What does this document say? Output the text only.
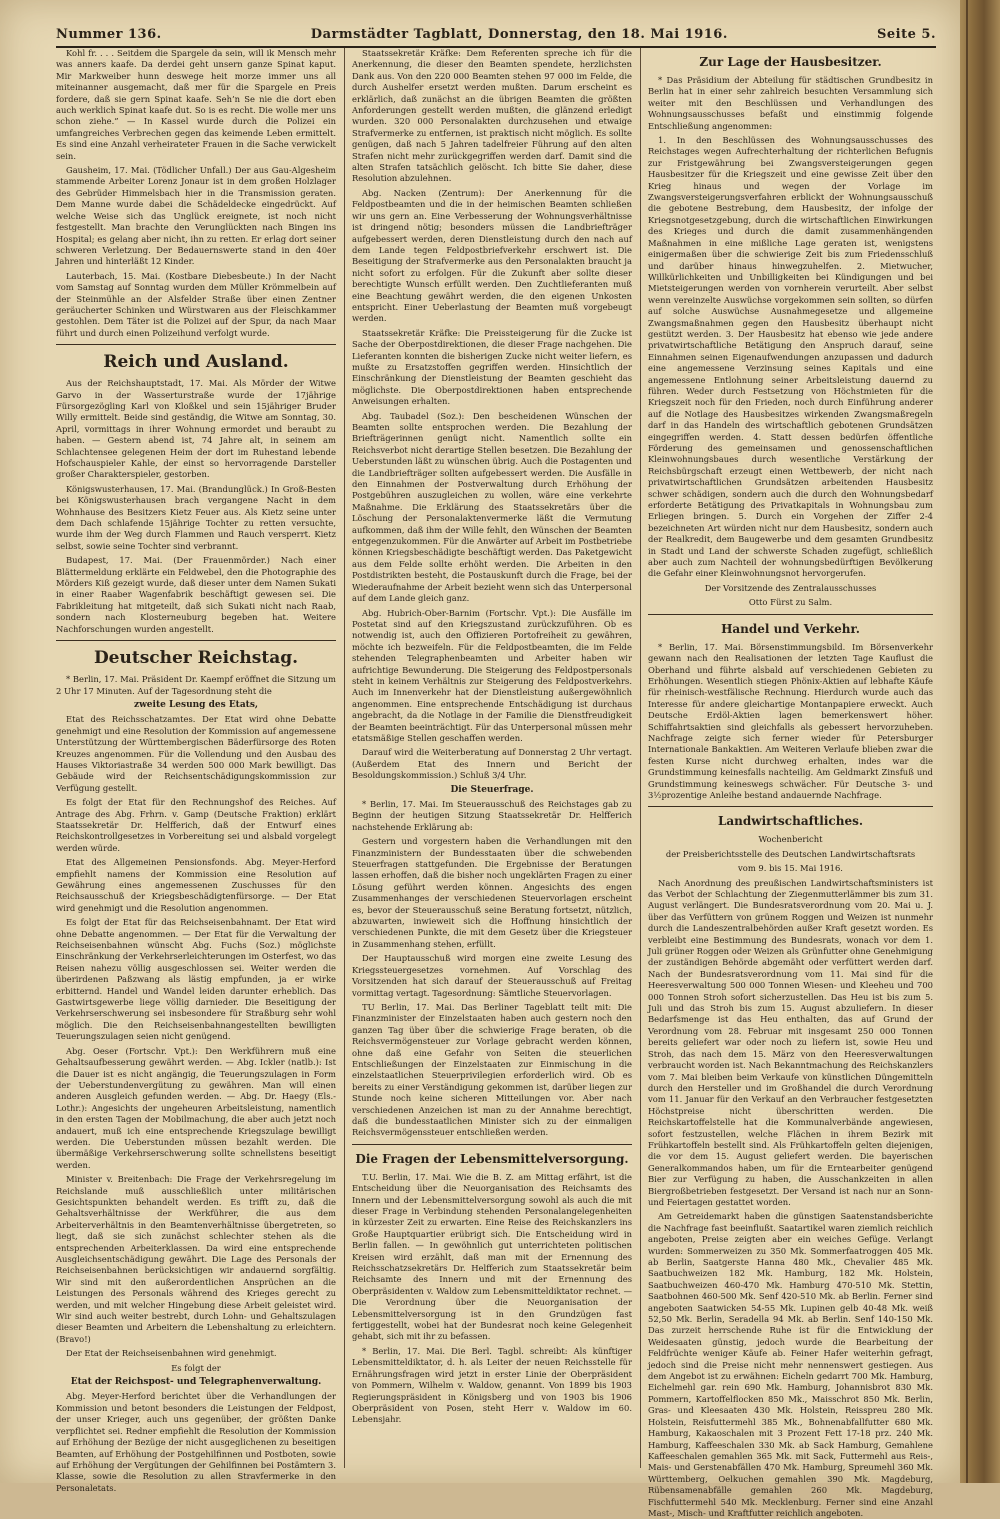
Nummer 136.	Darmstädter Tagblatt, Donnerstag, den 18. Mai 1916.	Seite 5.

Kohl fr. . . . Seitdem die Spargele da sein, will ik Mensch mehr was anners kaafe. Da derdei geht unsern ganze Spinat kaput. Mir Markweiber hunn deswege heit morze immer uns all miteinanner ausgemacht, daß mer für die Spargele en Preis fordere, daß sie gern Spinat kaafe. Seh’n Se nie die dort eben auch werklich Spinat kaafe dut. So is es recht. Die wolle mer uns schon ziehe.” — In Kassel wurde durch die Polizei ein umfangreiches Verbrechen gegen das keimende Leben ermittelt. Es sind eine Anzahl verheirateter Frauen in die Sache verwickelt sein.

Gausheim, 17. Mai. (Tödlicher Unfall.) Der aus Gau-Algesheim stammende Arbeiter Lorenz Jonaur ist in dem großen Holzlager des Gebrüder Himmelsbach hier in die Transmission geraten. Dem Manne wurde dabei die Schädeldecke eingedrückt. Auf welche Weise sich das Unglück ereignete, ist noch nicht festgestellt. Man brachte den Verunglückten nach Bingen ins Hospital; es gelang aber nicht, ihn zu retten. Er erlag dort seiner schweren Verletzung. Der Bedauernswerte stand in den 40er Jahren und hinterläßt 12 Kinder.

Lauterbach, 15. Mai. (Kostbare Diebesbeute.) In der Nacht vom Samstag auf Sonntag wurden dem Müller Krömmelbein auf der Steinmühle an der Alsfelder Straße über einen Zentner geräucherter Schinken und Würstwaren aus der Fleischkammer gestohlen. Dem Täter ist die Polizei auf der Spur, da nach Maar führt und durch einen Polizeihund verfolgt wurde.

Reich und Ausland.

Aus der Reichshauptstadt, 17. Mai. Als Mörder der Witwe Garvo in der Wasserturstraße wurde der 17jährige Fürsorgezögling Karl von Kloßkel und sein 15jähriger Bruder Willy ermittelt. Beide sind geständig, die Witwe am Sonntag, 30. April, vormittags in ihrer Wohnung ermordet und beraubt zu haben. — Gestern abend ist, 74 Jahre alt, in seinem am Schlachtensee gelegenen Heim der dort im Ruhestand lebende Hofschauspieler Kahle, der einst so hervorragende Darsteller großer Charakterspieler, gestorben.

Königswusterhausen, 17. Mai. (Brandunglück.) In Groß-Besten bei Königswusterhausen brach vergangene Nacht in dem Wohnhause des Besitzers Kietz Feuer aus. Als Kietz seine unter dem Dach schlafende 15jährige Tochter zu retten versuchte, wurde ihm der Weg durch Flammen und Rauch versperrt. Kietz selbst, sowie seine Tochter sind verbrannt.

Budapest, 17. Mai. (Der Frauenmörder.) Nach einer Blättermeldung erklärte ein Feldwebel, den die Photographie des Mörders Kiß gezeigt wurde, daß dieser unter dem Namen Sukati in einer Raaber Wagenfabrik beschäftigt gewesen sei. Die Fabrikleitung hat mitgeteilt, daß sich Sukati nicht nach Raab, sondern nach Klosterneuburg begeben hat. Weitere Nachforschungen wurden angestellt.

Deutscher Reichstag.

* Berlin, 17. Mai. Präsident Dr. Kaempf eröffnet die Sitzung um 2 Uhr 17 Minuten. Auf der Tagesordnung steht die

zweite Lesung des Etats,

Etat des Reichsschatzamtes. Der Etat wird ohne Debatte genehmigt und eine Resolution der Kommission auf angemessene Unterstützung der Württembergischen Bäderfürsorge des Roten Kreuzes angenommen. Für die Vollendung und den Ausbau des Hauses Viktoriastraße 34 werden 500 000 Mark bewilligt. Das Gebäude wird der Reichsentschädigungskommission zur Verfügung gestellt.

Es folgt der Etat für den Rechnungshof des Reiches. Auf Antrage des Abg. Frhrn. v. Gamp (Deutsche Fraktion) erklärt Staatssekretär Dr. Helfferich, daß der Entwurf eines Reichskontrollgesetzes in Vorbereitung sei und alsbald vorgelegt werden würde.

Etat des Allgemeinen Pensionsfonds. Abg. Meyer-Herford empfiehlt namens der Kommission eine Resolution auf Gewährung eines angemessenen Zuschusses für den Reichsausschuß der Kriegsbeschädigtenfürsorge. — Der Etat wird genehmigt und die Resolution angenommen.

Es folgt der Etat für das Reichseisenbahnamt. Der Etat wird ohne Debatte angenommen. — Der Etat für die Verwaltung der Reichseisenbahnen wünscht Abg. Fuchs (Soz.) möglichste Einschränkung der Verkehrserleichterungen im Osterfest, wo das Reisen nahezu völlig ausgeschlossen sei. Weiter werden die überirdenen Paßzwang als lästig empfunden, ja er wirke erbitternd. Handel und Wandel leiden darunter erheblich. Das Gastwirtsgewerbe liege völlig darnieder. Die Beseitigung der Verkehrserschwerung sei insbesondere für Straßburg sehr wohl möglich. Die den Reichseisenbahnangestellten bewilligten Teuerungszulagen seien nicht genügend.

Abg. Oeser (Fortschr. Vpt.): Den Werkführern muß eine Gehaltsaufbesserung gewährt werden. — Abg. Ickler (natlb.): Ist die Dauer ist es nicht angängig, die Teuerungszulagen in Form der Ueberstundenvergütung zu gewähren. Man will einen anderen Ausgleich gefunden werden. — Abg. Dr. Haegy (Els.-Lothr.): Angesichts der ungeheuren Arbeitsleistung, namentlich in den ersten Tagen der Mobilmachung, die aber auch jetzt noch andauert, muß ich eine entsprechende Kriegszulage bewilligt werden. Die Ueberstunden müssen bezahlt werden. Die übermäßige Verkehrserschwerung sollte schnellstens beseitigt werden.

Minister v. Breitenbach: Die Frage der Verkehrsregelung im Reichslande muß ausschließlich unter militärischen Gesichtspunkten behandelt werden. Es trifft zu, daß die Gehaltsverhältnisse der Werkführer, die aus dem Arbeiterverhältnis in den Beamtenverhältnisse übergetreten, so liegt, daß sie sich zunächst schlechter stehen als die entsprechenden Arbeiterklassen. Da wird eine entsprechende Ausgleichsentschädigung gewährt. Die Lage des Personals der Reichseisenbahnen berücksichtigen wir andauernd sorgfältig. Wir sind mit den außerordentlichen Ansprüchen an die Leistungen des Personals während des Krieges gerecht zu werden, und mit welcher Hingebung diese Arbeit geleistet wird. Wir sind auch weiter bestrebt, durch Lohn- und Gehaltszulagen dieser Beamten und Arbeitern die Lebenshaltung zu erleichtern. (Bravo!)

Der Etat der Reichseisenbahnen wird genehmigt.

Es folgt der
Etat der Reichspost- und Telegraphenverwaltung.

Abg. Meyer-Herford berichtet über die Verhandlungen der Kommission und betont besonders die Leistungen der Feldpost, der unser Krieger, auch uns gegenüber, der größten Danke verpflichtet sei. Redner empfiehlt die Resolution der Kommission auf Erhöhung der Bezüge der nicht ausgeglichenen zu beseitigen Beamten, auf Erhöhung der Postgehilfinnen und Postboten, sowie auf Erhöhung der Vergütungen der Gehilfinnen bei Postämtern 3. Klasse, sowie die Resolution zu allen Stravfermerke in den Personaletats.

Staatssekretär Kräfke: Dem Referenten spreche ich für die Anerkennung, die dieser den Beamten spendete, herzlichsten Dank aus. Von den 220 000 Beamten stehen 97 000 im Felde, die durch Aushelfer ersetzt werden mußten. Darum erscheint es erklärlich, daß zunächst an die übrigen Beamten die größten Anforderungen gestellt werden mußten, die glänzend erledigt wurden. 320 000 Personalakten durchzusehen und etwaige Strafvermerke zu entfernen, ist praktisch nicht möglich. Es sollte genügen, daß nach 5 Jahren tadelfreier Führung auf den alten Strafen nicht mehr zurückgegriffen werden darf. Damit sind die alten Strafen tatsächlich gelöscht. Ich bitte Sie daher, diese Resolution abzulehnen.

Abg. Nacken (Zentrum): Der Anerkennung für die Feldpostbeamten und die in der heimischen Beamten schließen wir uns gern an. Eine Verbesserung der Wohnungsverhältnisse ist dringend nötig; besonders müssen die Landbriefträger aufgebessert werden, deren Dienstleistung durch den nach auf dem Lande tegen Feldpostbriefverkehr erschwert ist. Die Beseitigung der Strafvermerke aus den Personalakten braucht ja nicht sofort zu erfolgen. Für die Zukunft aber sollte dieser berechtigte Wunsch erfüllt werden. Den Zuchtlieferanten muß eine Beachtung gewährt werden, die den eigenen Unkosten entspricht. Einer Ueberlastung der Beamten muß vorgebeugt werden.

Staatssekretär Kräfke: Die Preissteigerung für die Zucke ist Sache der Oberpostdirektionen, die dieser Frage nachgehen. Die Lieferanten konnten die bisherigen Zucke nicht weiter liefern, es mußte zu Ersatzstoffen gegriffen werden. Hinsichtlich der Einschränkung der Dienstleistung der Beamten geschieht das möglichste. Die Oberpostdirektionen haben entsprechende Anweisungen erhalten.

Abg. Taubadel (Soz.): Den bescheidenen Wünschen der Beamten sollte entsprochen werden. Die Bezahlung der Briefträgerinnen genügt nicht. Namentlich sollte ein Reichsverbot nicht derartige Stellen besetzen. Die Bezahlung der Ueberstunden läßt zu wünschen übrig. Auch die Postagenten und die Landbriefträger sollten aufgebessert werden. Die Ausfälle in den Einnahmen der Postverwaltung durch Erhöhung der Postgebühren auszugleichen zu wollen, wäre eine verkehrte Maßnahme. Die Erklärung des Staatssekretärs über die Löschung der Personalaktenvermerke läßt die Vermutung aufkommen, daß ihm der Wille fehlt, den Wünschen der Beamten entgegenzukommen. Für die Anwärter auf Arbeit im Postbetriebe können Kriegsbeschädigte beschäftigt werden. Das Paketgewicht aus dem Felde sollte erhöht werden. Die Arbeiten in den Postdistrikten besteht, die Postauskunft durch die Frage, bei der Wiederaufnahme der Arbeit bezieht wenn sich das Unterpersonal auf dem Lande gleich ganz.

Abg. Hubrich-Ober-Barnim (Fortschr. Vpt.): Die Ausfälle im Postetat sind auf den Kriegszustand zurückzuführen. Ob es notwendig ist, auch den Offizieren Portofreiheit zu gewähren, möchte ich bezweifeln. Für die Feldpostbeamten, die im Felde stehenden Telegraphenbeamten und Arbeiter haben wir aufrichtige Bewunderung. Die Steigerung des Feldpostpersonals steht in keinem Verhältnis zur Steigerung des Feldpostverkehrs. Auch im Innenverkehr hat der Dienstleistung außergewöhnlich angenommen. Eine entsprechende Entschädigung ist durchaus angebracht, da die Notlage in der Familie die Dienstfreudigkeit der Beamten beeinträchtigt. Für das Unterpersonal müssen mehr etatsmäßige Stellen geschaffen werden.

Darauf wird die Weiterberatung auf Donnerstag 2 Uhr vertagt. (Außerdem Etat des Innern und Bericht der Besoldungskommission.) Schluß 3/4 Uhr.

Die Steuerfrage.

* Berlin, 17. Mai. Im Steuerausschuß des Reichstages gab zu Beginn der heutigen Sitzung Staatssekretär Dr. Helfferich nachstehende Erklärung ab:

Gestern und vorgestern haben die Verhandlungen mit den Finanzministern der Bundesstaaten über die schwebenden Steuerfragen stattgefunden. Die Ergebnisse der Beratungen lassen erhoffen, daß die bisher noch ungeklärten Fragen zu einer Lösung geführt werden können. Angesichts des engen Zusammenhanges der verschiedenen Steuervorlagen erscheint es, bevor der Steuerausschuß seine Beratung fortsetzt, nützlich, abzuwarten, inwieweit sich die Hoffnung hinsichtlich der verschiedenen Punkte, die mit dem Gesetz über die Kriegsteuer in Zusammenhang stehen, erfüllt.

Der Hauptausschuß wird morgen eine zweite Lesung des Kriegssteuergesetzes vornehmen. Auf Vorschlag des Vorsitzenden hat sich darauf der Steuerausschuß auf Freitag vormittag vertagt. Tagesordnung: Sämtliche Steuervorlagen.

TU Berlin, 17. Mai. Das Berliner Tageblatt teilt mit: Die Finanzminister der Einzelstaaten haben auch gestern noch den ganzen Tag über über die schwierige Frage beraten, ob die Reichsvermögensteuer zur Vorlage gebracht werden können, ohne daß eine Gefahr von Seiten die steuerlichen Entschließungen der Einzelstaaten zur Einmischung in die einzelstaatlichen Steuerprivilegien erforderlich wird. Ob es bereits zu einer Verständigung gekommen ist, darüber liegen zur Stunde noch keine sicheren Mitteilungen vor. Aber nach verschiedenen Anzeichen ist man zu der Annahme berechtigt, daß die bundesstaatlichen Minister sich zu der einmaligen Reichsvermögenssteuer entschließen werden.

Die Fragen der Lebensmittelversorgung.

T.U. Berlin, 17. Mai. Wie die B. Z. am Mittag erfährt, ist die Entscheidung über die Neuorganisation des Reichsamts des Innern und der Lebensmittelversorgung sowohl als auch die mit dieser Frage in Verbindung stehenden Personalangelegenheiten in kürzester Zeit zu erwarten. Eine Reise des Reichskanzlers ins Große Hauptquartier erübrigt sich. Die Entscheidung wird in Berlin fallen. — In gewöhnlich gut unterrichteten politischen Kreisen wird erzählt, daß man mit der Ernennung des Reichsschatzsekretärs Dr. Helfferich zum Staatssekretär beim Reichsamte des Innern und mit der Ernennung des Oberpräsidenten v. Waldow zum Lebensmitteldiktator rechnet. — Die Verordnung über die Neuorganisation der Lebensmittelversorgung ist in den Grundzügen fast fertiggestellt, wobei hat der Bundesrat noch keine Gelegenheit gehabt, sich mit ihr zu befassen.

* Berlin, 17. Mai. Die Berl. Tagbl. schreibt: Als künftiger Lebensmitteldiktator, d. h. als Leiter der neuen Reichsstelle für Ernährungsfragen wird jetzt in erster Linie der Oberpräsident von Pommern, Wilhelm v. Waldow, genannt. Von 1899 bis 1903 Regierungspräsident in Königsberg und von 1903 bis 1906 Oberpräsident von Posen, steht Herr v. Waldow im 60. Lebensjahr.

Zur Lage der Hausbesitzer.

* Das Präsidium der Abteilung für städtischen Grundbesitz in Berlin hat in einer sehr zahlreich besuchten Versammlung sich weiter mit den Beschlüssen und Verhandlungen des Wohnungsausschusses befaßt und einstimmig folgende Entschließung angenommen:

1. In den Beschlüssen des Wohnungsausschusses des Reichstages wegen Aufrechterhaltung der richterlichen Befugnis zur Fristgewährung bei Zwangsversteigerungen gegen Hausbesitzer für die Kriegszeit und eine gewisse Zeit über den Krieg hinaus und wegen der Vorlage im Zwangsversteigerungsverfahren erblickt der Wohnungsausschuß die gebotene Bestrebung, dem Hausbesitz, der infolge der Kriegsnotgesetzgebung, durch die wirtschaftlichen Einwirkungen des Krieges und durch die damit zusammenhängenden Maßnahmen in eine mißliche Lage geraten ist, wenigstens einigermaßen über die schwierige Zeit bis zum Friedensschluß und darüber hinaus hinwegzuhelfen. 2. Mietwucher, Willkürlichkeiten und Unbilligkeiten bei Kündigungen und bei Mietsteigerungen werden von vornherein verurteilt. Aber selbst wenn vereinzelte Auswüchse vorgekommen sein sollten, so dürfen auf solche Auswüchse Ausnahmegesetze und allgemeine Zwangsmaßnahmen gegen den Hausbesitz überhaupt nicht gestützt werden. 3. Der Hausbesitz hat ebenso wie jede andere privatwirtschaftliche Betätigung den Anspruch darauf, seine Einnahmen seinen Eigenaufwendungen anzupassen und dadurch eine angemessene Verzinsung seines Kapitals und eine angemessene Entlohnung seiner Arbeitsleistung dauernd zu führen. Weder durch Festsetzung von Höchstmieten für die Kriegszeit noch für den Frieden, noch durch Einführung anderer auf die Notlage des Hausbesitzes wirkenden Zwangsmaßregeln darf in das Handeln des wirtschaftlich gebotenen Grundsätzen eingegriffen werden. 4. Statt dessen bedürfen öffentliche Förderung des gemeinsamen und genossenschaftlichen Kleinwohnungsbaues durch wesentliche Verstärkung der Reichsbürgschaft erzeugt einen Wettbewerb, der nicht nach privatwirtschaftlichen Grundsätzen arbeitenden Hausbesitz schwer schädigen, sondern auch die durch den Wohnungsbedarf erforderte Betätigung des Privatkapitals in Wohnungsbau zum Erliegen bringen. 5. Durch ein Vorgehen der Ziffer 2-4 bezeichneten Art würden nicht nur dem Hausbesitz, sondern auch der Realkredit, dem Baugewerbe und dem gesamten Grundbesitz in Stadt und Land der schwerste Schaden zugefügt, schließlich aber auch zum Nachteil der wohnungsbedürftigen Bevölkerung die Gefahr einer Kleinwohnungsnot hervorgerufen.

Der Vorsitzende des Zentralausschusses
Otto Fürst zu Salm.
Handel und Verkehr.

* Berlin, 17. Mai. Börsenstimmungsbild. Im Börsenverkehr gewann nach den Realisationen der letzten Tage Kauflust die Oberhand und führte alsbald auf verschiedenen Gebieten zu Erhöhungen. Wesentlich stiegen Phönix-Aktien auf lebhafte Käufe für rheinisch-westfälische Rechnung. Hierdurch wurde auch das Interesse für andere gleichartige Montanpapiere erweckt. Auch Deutsche Erdöl-Aktien lagen bemerkenswert höher. Schiffahrtsaktien sind gleichfalls als gebessert hervorzuheben. Nachfrage zeigte sich ferner wieder für Petersburger Internationale Bankaktien. Am Weiteren Verlaufe blieben zwar die festen Kurse nicht durchweg erhalten, indes war die Grundstimmung keinesfalls nachteilig. Am Geldmarkt Zinsfuß und Grundstimmung keineswegs schwächer. Für Deutsche 3- und 3½prozentige Anleihe bestand andauernde Nachfrage.

Landwirtschaftliches.
Wochenbericht
der Preisberichtsstelle des Deutschen Landwirtschaftsrats
vom 9. bis 15. Mai 1916.

Nach Anordnung des preußischen Landwirtschaftsministers ist das Verbot der Schlachtung der Ziegenmutterlämmer bis zum 31. August verlängert. Die Bundesratsverordnung vom 20. Mai u. J. über das Verfüttern von grünem Roggen und Weizen ist nunmehr durch die Landeszentralbehörden außer Kraft gesetzt worden. Es verbleibt eine Bestimmung des Bundesrats, wonach vor dem 1. Juli grüner Roggen oder Weizen als Grünfutter ohne Genehmigung der zuständigen Behörde abgemäht oder verfüttert werden darf. Nach der Bundesratsverordnung vom 11. Mai sind für die Heeresverwaltung 500 000 Tonnen Wiesen- und Kleeheu und 700 000 Tonnen Stroh sofort sicherzustellen. Das Heu ist bis zum 5. Juli und das Stroh bis zum 15. August abzuliefern. In dieser Bedarfsmenge ist das Heu enthalten, das auf Grund der Verordnung vom 28. Februar mit insgesamt 250 000 Tonnen bereits geliefert war oder noch zu liefern ist, sowie Heu und Stroh, das nach dem 15. März von den Heeresverwaltungen verbraucht worden ist. Nach Bekanntmachung des Reichskanzlers vom 7. Mai bleiben beim Verkaufe von künstlichen Düngemitteln durch den Hersteller und im Großhandel die durch Verordnung vom 11. Januar für den Verkauf an den Verbraucher festgesetzten Höchstpreise nicht überschritten werden. Die Reichskartoffelstelle hat die Kommunalverbände angewiesen, sofort festzustellen, welche Flächen in ihrem Bezirk mit Frühkartoffeln bestellt sind. Als Frühkartoffeln gelten diejenigen, die vor dem 15. August geliefert werden. Die bayerischen Generalkommandos haben, um für die Erntearbeiter genügend Bier zur Verfügung zu haben, die Ausschankzeiten in allen Biergroßbetrieben festgesetzt. Der Versand ist nach nur an Sonn- und Feiertagen gestattet worden.

Am Getreidemarkt haben die günstigen Saatenstandsberichte die Nachfrage fast beeinflußt. Saatartikel waren ziemlich reichlich angeboten, Preise zeigten aber ein weiches Gefüge. Verlangt wurden: Sommerweizen zu 350 Mk. Sommerfaatroggen 405 Mk. ab Berlin, Saatgerste Hanna 480 Mk., Chevalier 485 Mk. Saatbuchweizen 182 Mk. Hamburg, 182 Mk. Holstein, Saatbuchweizen 460-470 Mk. Hamburg 470-510 Mk. Stettin, Saatbohnen 460-500 Mk. Senf 420-510 Mk. ab Berlin. Ferner sind angeboten Saatwicken 54-55 Mk. Lupinen gelb 40-48 Mk. weiß 52,50 Mk. Berlin, Seradella 94 Mk. ab Berlin. Senf 140-150 Mk. Das zurzeit herrschende Ruhe ist für die Entwicklung der Weidesaaten günstig, jedoch wurde die Bearbeitung der Feldfrüchte weniger Käufe ab. Feiner Hafer weiterhin gefragt, jedoch sind die Preise nicht mehr nennenswert gestiegen. Aus dem Angebot ist zu erwähnen: Eicheln gedarrt 700 Mk. Hamburg, Eichelmehl gar. rein 690 Mk. Hamburg, Johannisbrot 830 Mk. Pommern, Kartoffelflocken 850 Mk., Maisschrot 850 Mk. Berlin, Gras- und Kleesaaten 430 Mk. Holstein, Reisspreu 280 Mk. Holstein, Reisfuttermehl 385 Mk., Bohnenabfallfutter 680 Mk. Hamburg, Kakaoschalen mit 3 Prozent Fett 17-18 prz. 240 Mk. Hamburg, Kaffeeschalen 330 Mk. ab Sack Hamburg, Gemahlene Kaffeeschalen gemahlen 365 Mk. mit Sack, Futtermehl aus Reis-, Mais- und Gerstenabfällen 470 Mk. Hamburg, Spreumehl 360 Mk. Württemberg, Oelkuchen gemahlen 390 Mk. Magdeburg, Rübensamenabfälle gemahlen 260 Mk. Magdeburg, Fischfuttermehl 540 Mk. Mecklenburg. Ferner sind eine Anzahl Mast-, Misch- und Kraftfutter reichlich angeboten.
